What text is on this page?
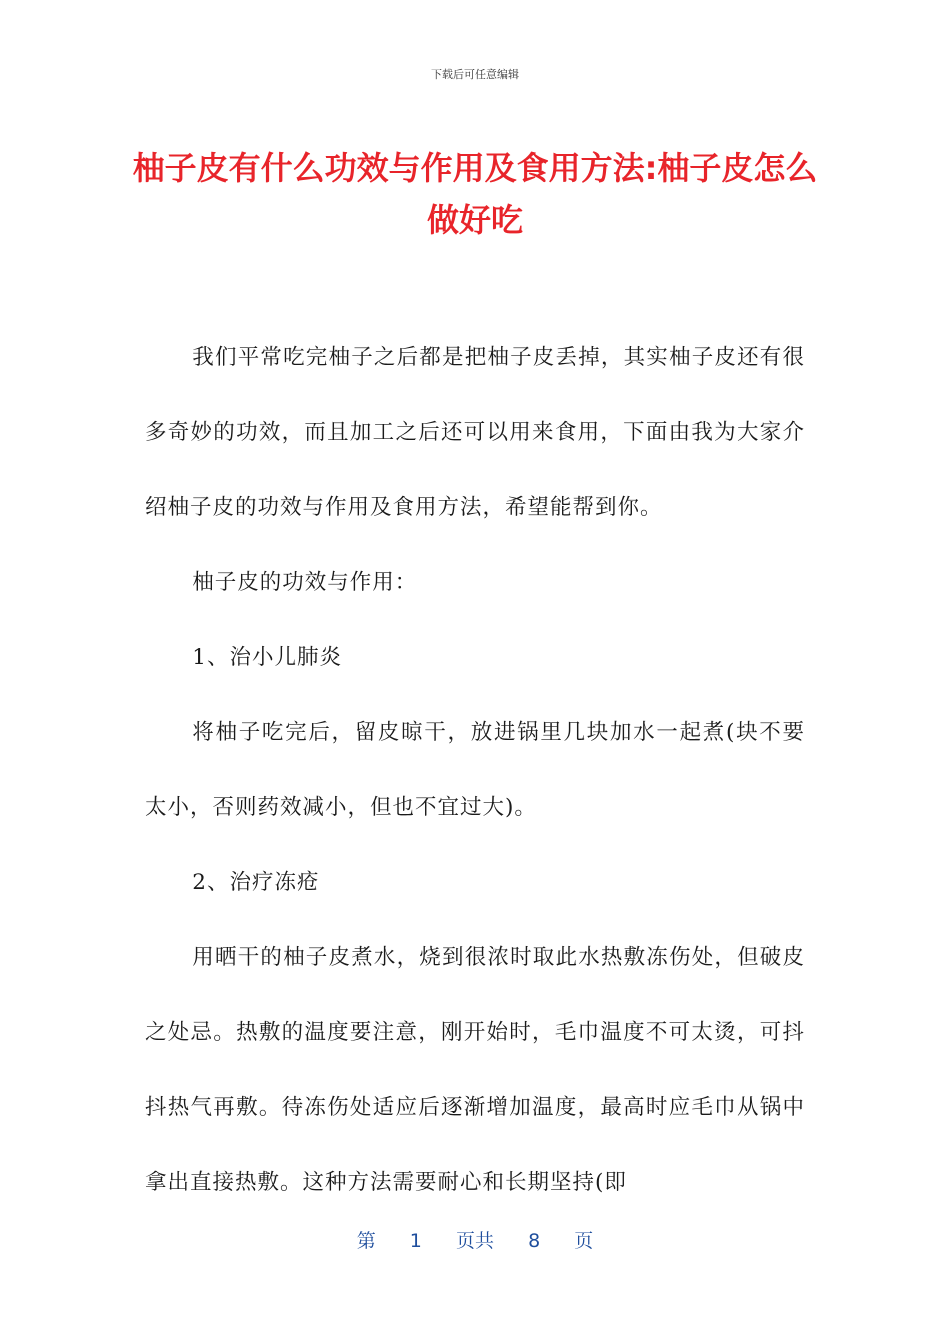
下载后可任意编辑
柚子皮有什么功效与作用及食用方法:柚子皮怎么做好吃

我们平常吃完柚子之后都是把柚子皮丢掉，其实柚子皮还有很多奇妙的功效，而且加工之后还可以用来食用，下面由我为大家介绍柚子皮的功效与作用及食用方法，希望能帮到你。

柚子皮的功效与作用：

1、治小儿肺炎

将柚子吃完后，留皮晾干，放进锅里几块加水一起煮(块不要太小，否则药效减小，但也不宜过大)。

2、治疗冻疮

用晒干的柚子皮煮水，烧到很浓时取此水热敷冻伤处，但破皮之处忌。热敷的温度要注意，刚开始时，毛巾温度不可太烫，可抖抖热气再敷。待冻伤处适应后逐渐增加温度，最高时应毛巾从锅中拿出直接热敷。这种方法需要耐心和长期坚持(即

第 1 页共 8 页
